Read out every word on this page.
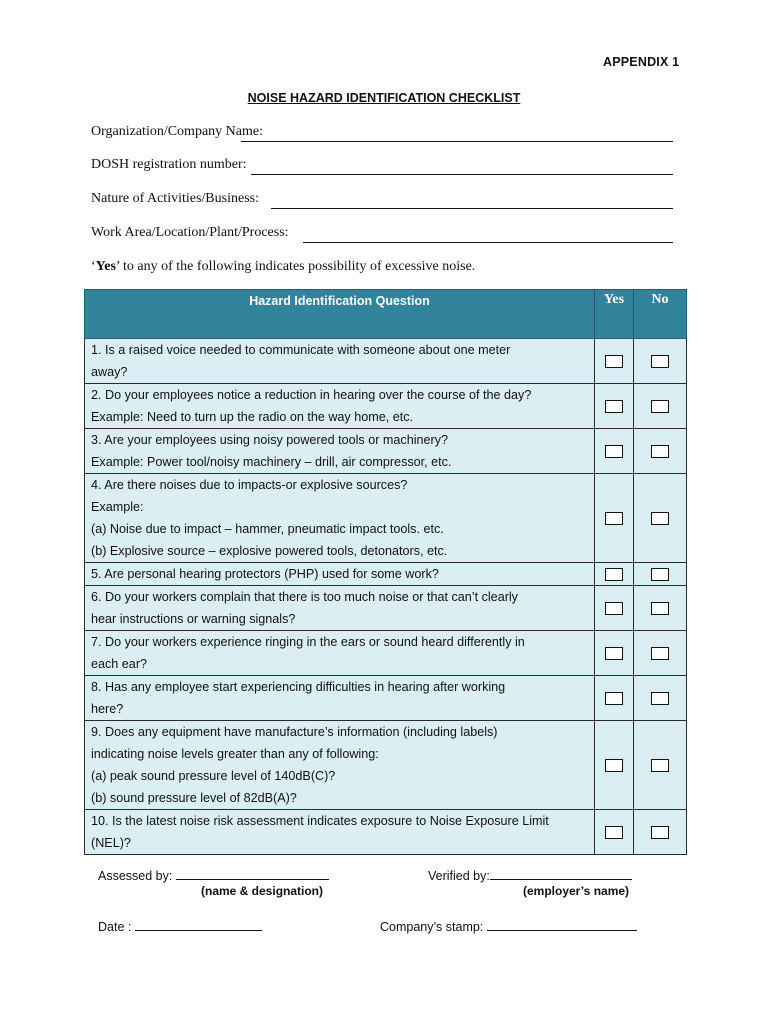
APPENDIX 1
NOISE HAZARD IDENTIFICATION CHECKLIST
Organization/Company Name:
DOSH registration number:
Nature of Activities/Business:
Work Area/Location/Plant/Process:
‘Yes’ to any of the following indicates possibility of excessive noise.
Hazard Identification Question	Yes	No

1. Is a raised voice needed to communicate with someone about one meter
away?		

2. Do your employees notice a reduction in hearing over the course of the day?
Example: Need to turn up the radio on the way home, etc.		

3. Are your employees using noisy powered tools or machinery?
Example: Power tool/noisy machinery – drill, air compressor, etc.		

4. Are there noises due to impacts-or explosive sources?
Example:
(a) Noise due to impact – hammer, pneumatic impact tools. etc.
(b) Explosive source – explosive powered tools, detonators, etc.		

5. Are personal hearing protectors (PHP) used for some work?		

6. Do your workers complain that there is too much noise or that can’t clearly
hear instructions or warning signals?		

7. Do your workers experience ringing in the ears or sound heard differently in
each ear?		

8. Has any employee start experiencing difficulties in hearing after working
here?		

9. Does any equipment have manufacture’s information (including labels)
indicating noise levels greater than any of following:
(a) peak sound pressure level of 140dB(C)?
(b) sound pressure level of 82dB(A)?		

10. Is the latest noise risk assessment indicates exposure to Noise Exposure Limit
(NEL)?		

Assessed by:
(name & designation)
Verified by:
(employer’s name)
Date :	Company’s stamp:
